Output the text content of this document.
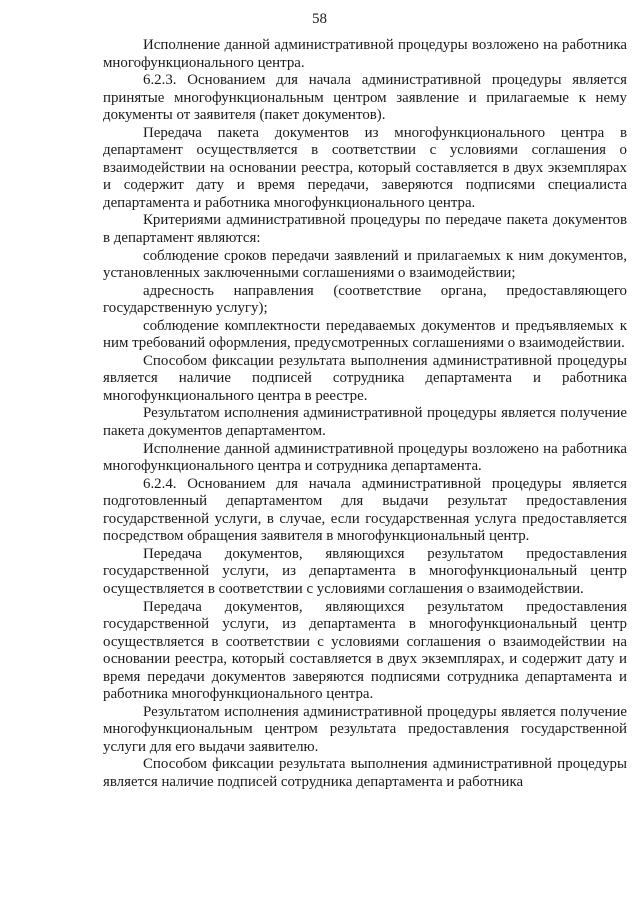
58

Исполнение данной административной процедуры возложено на работника многофункционального центра.

6.2.3. Основанием для начала административной процедуры является принятые многофункциональным центром заявление и прилагаемые к нему документы от заявителя (пакет документов).

Передача пакета документов из многофункционального центра в департамент осуществляется в соответствии с условиями соглашения о взаимодействии на основании реестра, который составляется в двух экземплярах и содержит дату и время передачи, заверяются подписями специалиста департамента и работника многофункционального центра.

Критериями административной процедуры по передаче пакета документов в департамент являются:

соблюдение сроков передачи заявлений и прилагаемых к ним документов, установленных заключенными соглашениями о взаимодействии;

адресность направления (соответствие органа, предоставляющего государственную услугу);

соблюдение комплектности передаваемых документов и предъявляемых к ним требований оформления, предусмотренных соглашениями о взаимодействии.

Способом фиксации результата выполнения административной процедуры является наличие подписей сотрудника департамента и работника многофункционального центра в реестре.

Результатом исполнения административной процедуры является получение пакета документов департаментом.

Исполнение данной административной процедуры возложено на работника многофункционального центра и сотрудника департамента.

6.2.4. Основанием для начала административной процедуры является подготовленный департаментом для выдачи результат предоставления государственной услуги, в случае, если государственная услуга предоставляется посредством обращения заявителя в многофункциональный центр.

Передача документов, являющихся результатом предоставления государственной услуги, из департамента в многофункциональный центр осуществляется в соответствии с условиями соглашения о взаимодействии.

Передача документов, являющихся результатом предоставления государственной услуги, из департамента в многофункциональный центр осуществляется в соответствии с условиями соглашения о взаимодействии на основании реестра, который составляется в двух экземплярах, и содержит дату и время передачи документов заверяются подписями сотрудника департамента и работника многофункционального центра.

Результатом исполнения административной процедуры является получение многофункциональным центром результата предоставления государственной услуги для его выдачи заявителю.

Способом фиксации результата выполнения административной процедуры является наличие подписей сотрудника департамента и работника
